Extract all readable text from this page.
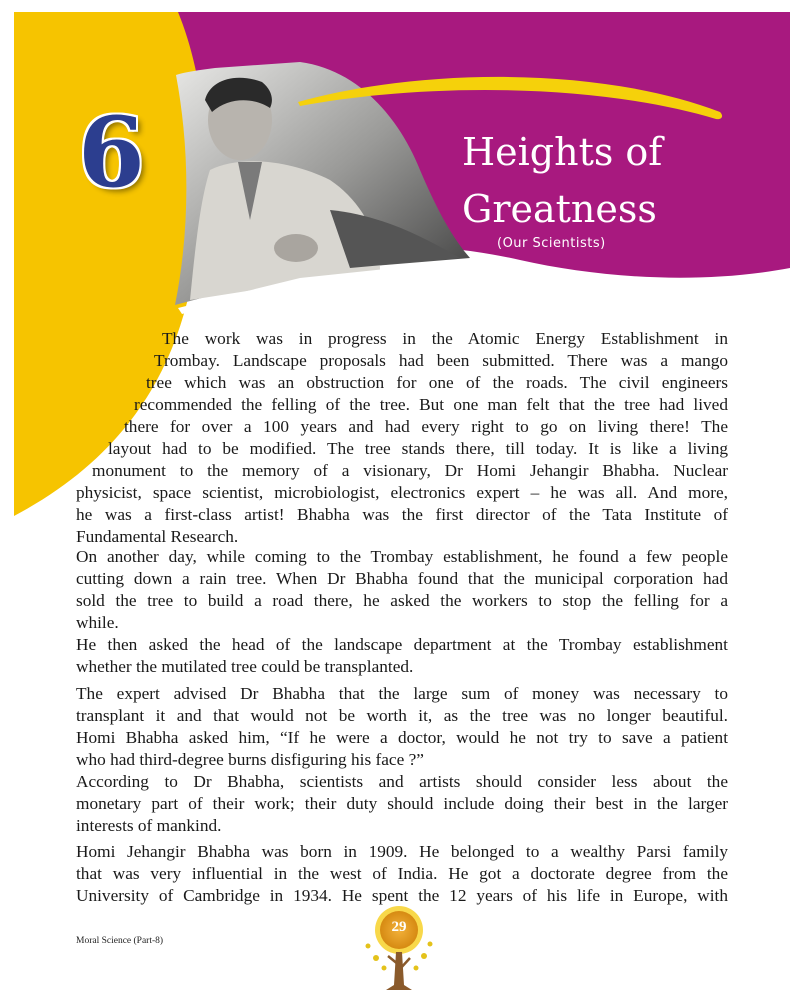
6	Heights of
Greatness
(Our Scientists)
The work was in progress in the Atomic Energy Establishment in
Trombay. Landscape proposals had been submitted. There was a mango
tree which was an obstruction for one of the roads. The civil engineers
recommended the felling of the tree. But one man felt that the tree had lived
there for over a 100 years and had every right to go on living there! The
layout had to be modified. The tree stands there, till today. It is like a living
monument to the memory of a visionary, Dr Homi Jehangir Bhabha. Nuclear
physicist, space scientist, microbiologist, electronics expert – he was all. And more,
he was a first-class artist! Bhabha was the first director of the Tata Institute of
Fundamental Research.
On another day, while coming to the Trombay establishment, he found a few people
cutting down a rain tree. When Dr Bhabha found that the municipal corporation had
sold the tree to build a road there, he asked the workers to stop the felling for a
while.
He then asked the head of the landscape department at the Trombay establishment
whether the mutilated tree could be transplanted.
The expert advised Dr Bhabha that the large sum of money was necessary to
transplant it and that would not be worth it, as the tree was no longer beautiful.
Homi Bhabha asked him, “If he were a doctor, would he not try to save a patient
who had third-degree burns disfiguring his face ?”
According to Dr Bhabha, scientists and artists should consider less about the
monetary part of their work; their duty should include doing their best in the larger
interests of mankind.
Homi Jehangir Bhabha was born in 1909. He belonged to a wealthy Parsi family
that was very influential in the west of India. He got a doctorate degree from the
University of Cambridge in 1934. He spent the 12 years of his life in Europe, with
Moral Science (Part-8)
29
